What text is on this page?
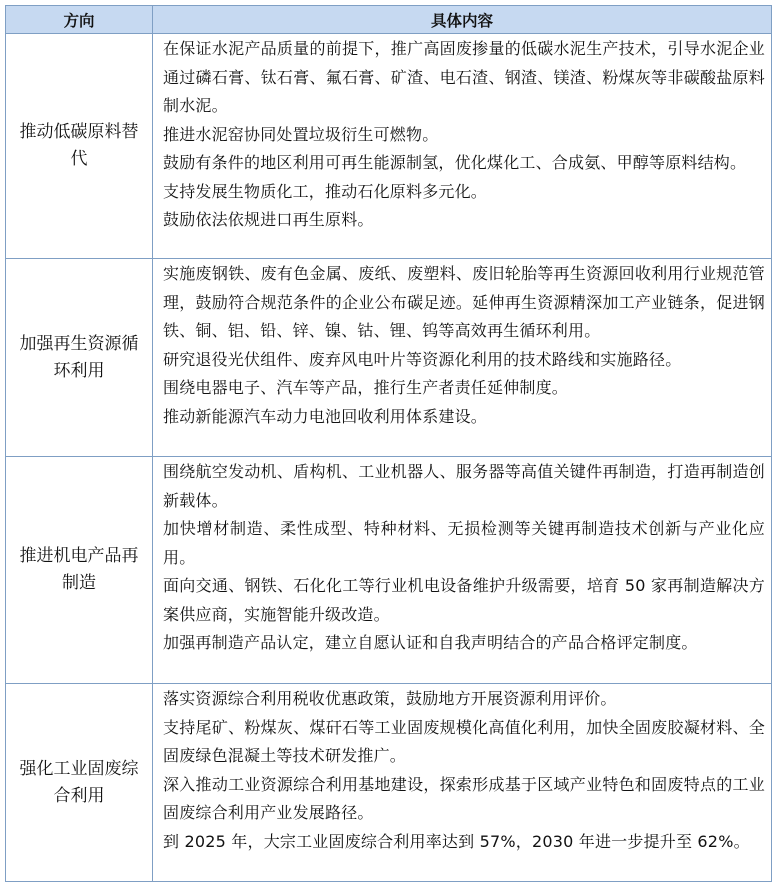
方向	具体内容

推动低碳原料替代	在保证水泥产品质量的前提下，推广高固废掺量的低碳水泥生产技术，引导水泥企业通过磷石膏、钛石膏、氟石膏、矿渣、电石渣、钢渣、镁渣、粉煤灰等非碳酸盐原料制水泥。
推进水泥窑协同处置垃圾衍生可燃物。
鼓励有条件的地区利用可再生能源制氢，优化煤化工、合成氨、甲醇等原料结构。
支持发展生物质化工，推动石化原料多元化。
鼓励依法依规进口再生原料。

加强再生资源循环利用	实施废钢铁、废有色金属、废纸、废塑料、废旧轮胎等再生资源回收利用行业规范管理，鼓励符合规范条件的企业公布碳足迹。延伸再生资源精深加工产业链条，促进钢铁、铜、铝、铅、锌、镍、钴、锂、钨等高效再生循环利用。
研究退役光伏组件、废弃风电叶片等资源化利用的技术路线和实施路径。
围绕电器电子、汽车等产品，推行生产者责任延伸制度。
推动新能源汽车动力电池回收利用体系建设。

推进机电产品再制造	围绕航空发动机、盾构机、工业机器人、服务器等高值关键件再制造，打造再制造创新载体。
加快增材制造、柔性成型、特种材料、无损检测等关键再制造技术创新与产业化应用。
面向交通、钢铁、石化化工等行业机电设备维护升级需要，培育 50 家再制造解决方案供应商，实施智能升级改造。
加强再制造产品认定，建立自愿认证和自我声明结合的产品合格评定制度。

强化工业固废综合利用	落实资源综合利用税收优惠政策，鼓励地方开展资源利用评价。
支持尾矿、粉煤灰、煤矸石等工业固废规模化高值化利用，加快全固废胶凝材料、全固废绿色混凝土等技术研发推广。
深入推动工业资源综合利用基地建设，探索形成基于区域产业特色和固废特点的工业固废综合利用产业发展路径。
到 2025 年，大宗工业固废综合利用率达到 57%，2030 年进一步提升至 62%。
